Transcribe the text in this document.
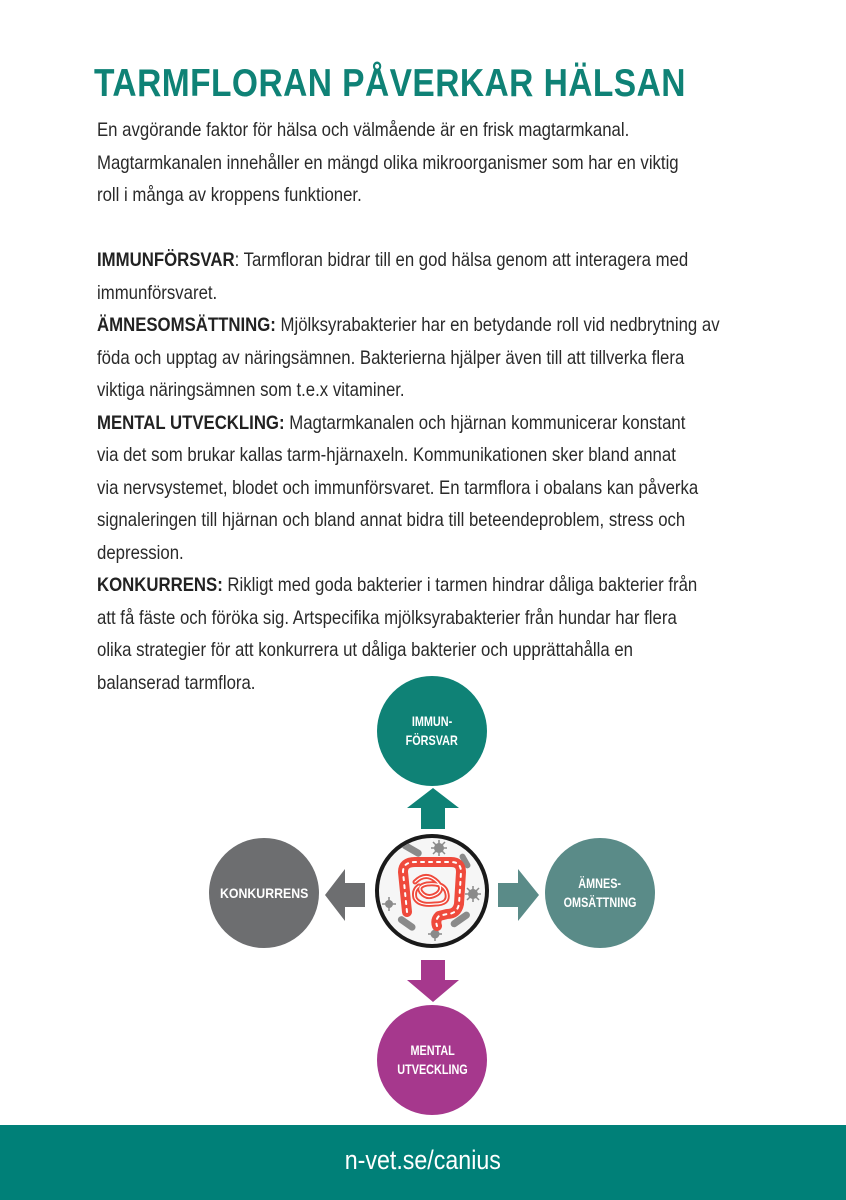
TARMFLORAN PÅVERKAR HÄLSAN

En avgörande faktor för hälsa och välmående är en frisk magtarmkanal.

Magtarmkanalen innehåller en mängd olika mikroorganismer som har en viktig

roll i många av kroppens funktioner.

IMMUNFÖRSVAR: Tarmfloran bidrar till en god hälsa genom att interagera med

immunförsvaret.

ÄMNESOMSÄTTNING: Mjölksyrabakterier har en betydande roll vid nedbrytning av

föda och upptag av näringsämnen. Bakterierna hjälper även till att tillverka flera

viktiga näringsämnen som t.e.x vitaminer.

MENTAL UTVECKLING: Magtarmkanalen och hjärnan kommunicerar konstant

via det som brukar kallas tarm-hjärnaxeln. Kommunikationen sker bland annat

via nervsystemet, blodet och immunförsvaret. En tarmflora i obalans kan påverka

signaleringen till hjärnan och bland annat bidra till beteendeproblem, stress och

depression.

KONKURRENS: Rikligt med goda bakterier i tarmen hindrar dåliga bakterier från

att få fäste och föröka sig. Artspecifika mjölksyrabakterier från hundar har flera

olika strategier för att konkurrera ut dåliga bakterier och upprättahålla en

balanserad tarmflora.

IMMUN-
FÖRSVAR
ÄMNES-
OMSÄTTNING
MENTAL
UTVECKLING
KONKURRENS
n-vet.se/canius
